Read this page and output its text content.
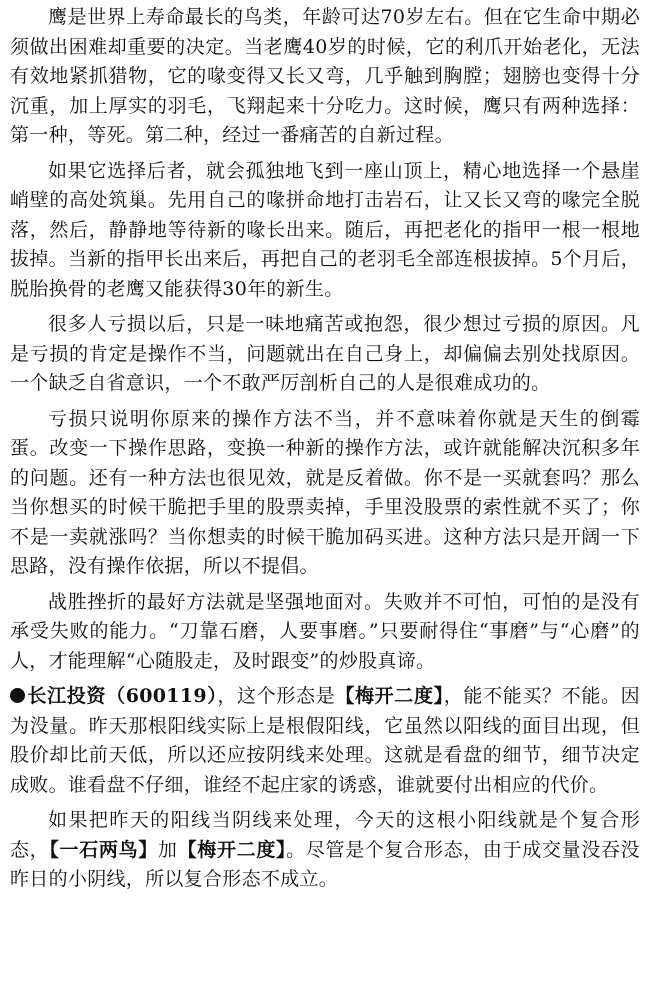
鹰是世界上寿命最长的鸟类，年龄可达70岁左右。但在它生命中期必须做出困难却重要的决定。当老鹰40岁的时候，它的利爪开始老化，无法有效地紧抓猎物，它的喙变得又长又弯，几乎触到胸膛；翅膀也变得十分沉重，加上厚实的羽毛，飞翔起来十分吃力。这时候，鹰只有两种选择：第一种，等死。第二种，经过一番痛苦的自新过程。

如果它选择后者，就会孤独地飞到一座山顶上，精心地选择一个悬崖峭壁的高处筑巢。先用自己的喙拼命地打击岩石，让又长又弯的喙完全脱落，然后，静静地等待新的喙长出来。随后，再把老化的指甲一根一根地拔掉。当新的指甲长出来后，再把自己的老羽毛全部连根拔掉。5个月后，脱胎换骨的老鹰又能获得30年的新生。

很多人亏损以后，只是一味地痛苦或抱怨，很少想过亏损的原因。凡是亏损的肯定是操作不当，问题就出在自己身上，却偏偏去别处找原因。一个缺乏自省意识，一个不敢严厉剖析自己的人是很难成功的。

亏损只说明你原来的操作方法不当，并不意味着你就是天生的倒霉蛋。改变一下操作思路，变换一种新的操作方法，或许就能解决沉积多年的问题。还有一种方法也很见效，就是反着做。你不是一买就套吗？那么当你想买的时候干脆把手里的股票卖掉，手里没股票的索性就不买了；你不是一卖就涨吗？当你想卖的时候干脆加码买进。这种方法只是开阔一下思路，没有操作依据，所以不提倡。

战胜挫折的最好方法就是坚强地面对。失败并不可怕，可怕的是没有承受失败的能力。“刀靠石磨，人要事磨。”只要耐得住“事磨”与“心磨”的人，才能理解“心随股走，及时跟变”的炒股真谛。

长江投资（600119），这个形态是【梅开二度】，能不能买？不能。因为没量。昨天那根阳线实际上是根假阳线，它虽然以阳线的面目出现，但股价却比前天低，所以还应按阴线来处理。这就是看盘的细节，细节决定成败。谁看盘不仔细，谁经不起庄家的诱惑，谁就要付出相应的代价。

如果把昨天的阳线当阴线来处理，今天的这根小阳线就是个复合形态，【一石两鸟】加【梅开二度】。尽管是个复合形态，由于成交量没吞没昨日的小阴线，所以复合形态不成立。
